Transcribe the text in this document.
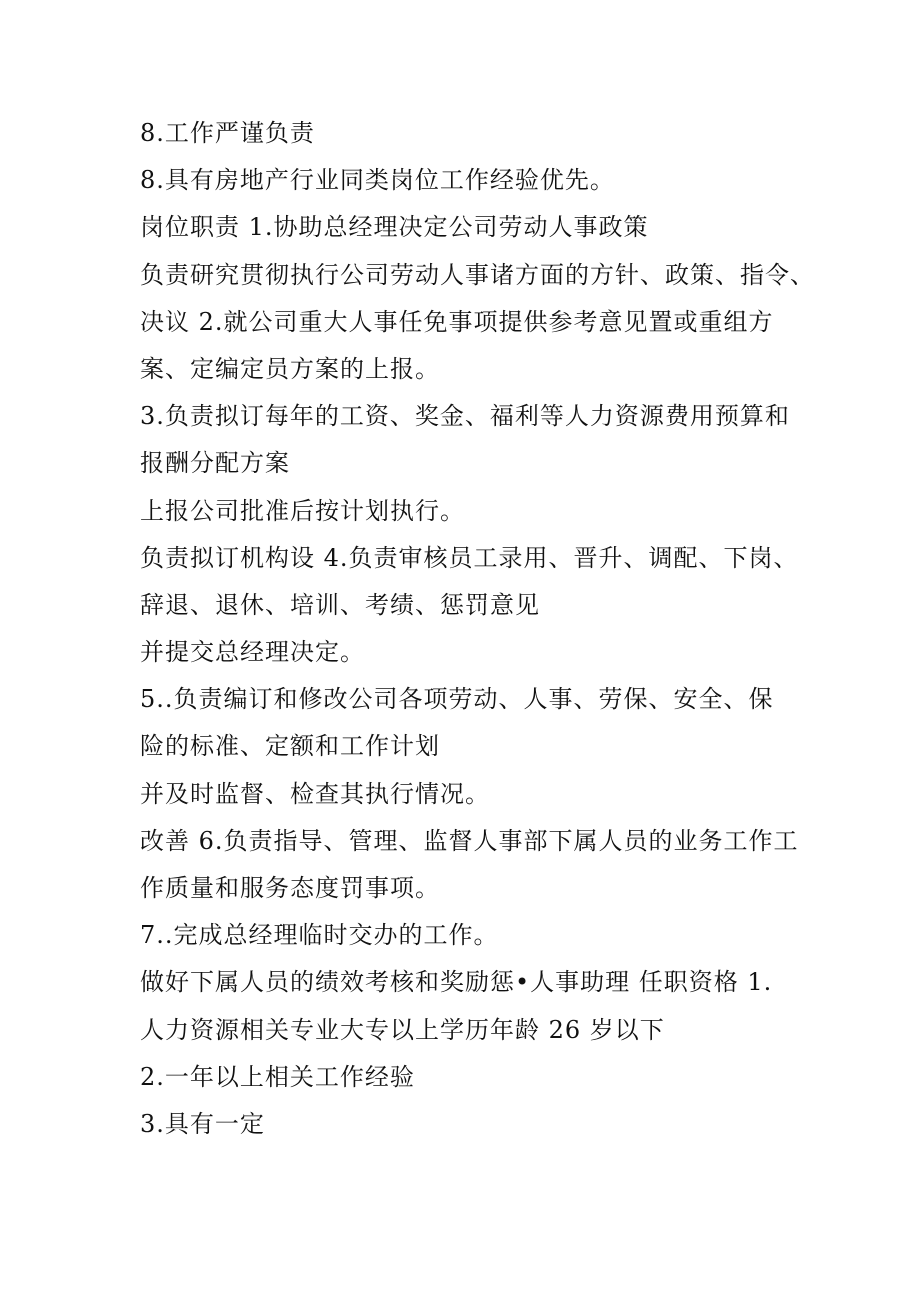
8.工作严谨负责
8.具有房地产行业同类岗位工作经验优先。
岗位职责 1.协助总经理决定公司劳动人事政策
负责研究贯彻执行公司劳动人事诸方面的方针、政策、指令、
决议 2.就公司重大人事任免事项提供参考意见置或重组方
案、定编定员方案的上报。
3.负责拟订每年的工资、奖金、福利等人力资源费用预算和
报酬分配方案
上报公司批准后按计划执行。
负责拟订机构设 4.负责审核员工录用、晋升、调配、下岗、
辞退、退休、培训、考绩、惩罚意见
并提交总经理决定。
5..负责编订和修改公司各项劳动、人事、劳保、安全、保
险的标准、定额和工作计划
并及时监督、检查其执行情况。
改善 6.负责指导、管理、监督人事部下属人员的业务工作工
作质量和服务态度罚事项。
7..完成总经理临时交办的工作。
做好下属人员的绩效考核和奖励惩•人事助理 任职资格 1.
人力资源相关专业大专以上学历年龄 26 岁以下
2.一年以上相关工作经验
3.具有一定
